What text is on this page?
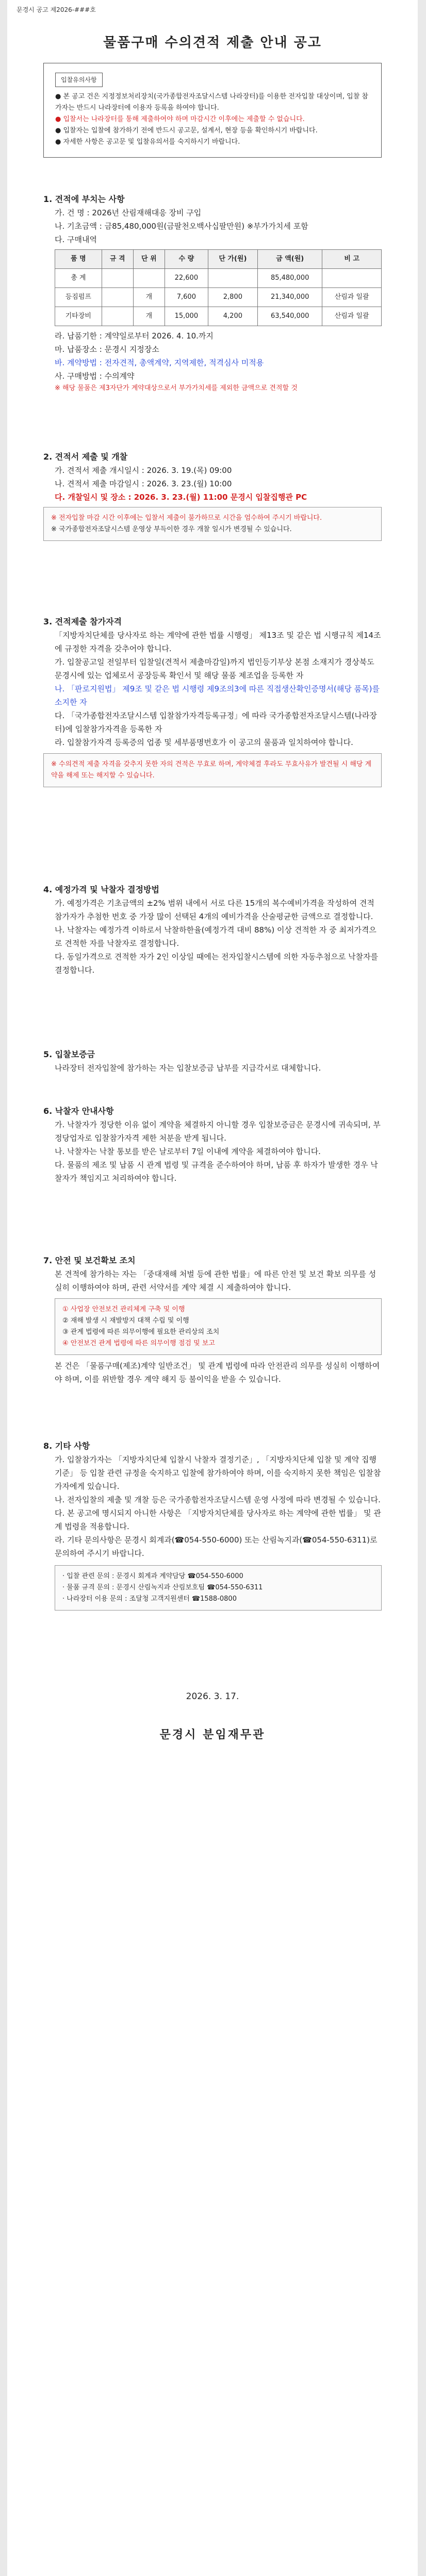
문경시 공고 제2026-###호
물품구매 수의견적 제출 안내 공고
입찰유의사항
● 본 공고 건은 지정정보처리장치(국가종합전자조달시스템 나라장터)를 이용한 전자입찰 대상이며, 입찰 참가자는 반드시 나라장터에 이용자 등록을 하여야 합니다.
● 입찰서는 나라장터를 통해 제출하여야 하며 마감시간 이후에는 제출할 수 없습니다.
● 입찰자는 입찰에 참가하기 전에 반드시 공고문, 설계서, 현장 등을 확인하시기 바랍니다.
● 자세한 사항은 공고문 및 입찰유의서를 숙지하시기 바랍니다.
1. 견적에 부치는 사항
가. 건 명 : 2026년 산림재해대응 장비 구입
나. 기초금액 : 금85,480,000원(금팔천오백사십팔만원) ※부가가치세 포함
다. 구매내역
품 명	규 격	단 위	수 량	단 가(원)	금 액(원)	비 고
총 계			22,600		85,480,000	
등짐펌프		개	7,600	2,800	21,340,000	산림과 일괄
기타장비		개	15,000	4,200	63,540,000	산림과 일괄
라. 납품기한 : 계약일로부터 2026. 4. 10.까지
마. 납품장소 : 문경시 지정장소
바. 계약방법 : 전자견적, 총액계약, 지역제한, 적격심사 미적용
사. 구매방법 : 수의계약
※ 해당 물품은 제3자단가 계약대상으로서 부가가치세를 제외한 금액으로 견적할 것
2. 견적서 제출 및 개찰
가. 견적서 제출 개시일시 : 2026. 3. 19.(목) 09:00
나. 견적서 제출 마감일시 : 2026. 3. 23.(월) 10:00
다. 개찰일시 및 장소 : 2026. 3. 23.(월) 11:00 문경시 입찰집행관 PC
※ 전자입찰 마감 시간 이후에는 입찰서 제출이 불가하므로 시간을 엄수하여 주시기 바랍니다.
※ 국가종합전자조달시스템 운영상 부득이한 경우 개찰 일시가 변경될 수 있습니다.
3. 견적제출 참가자격
「지방자치단체를 당사자로 하는 계약에 관한 법률 시행령」 제13조 및 같은 법 시행규칙 제14조에 규정한 자격을 갖추어야 합니다.
가. 입찰공고일 전일부터 입찰일(견적서 제출마감일)까지 법인등기부상 본점 소재지가 경상북도 문경시에 있는 업체로서 공장등록 확인서 및 해당 물품 제조업을 등록한 자
나. 「판로지원법」 제9조 및 같은 법 시행령 제9조의3에 따른 직접생산확인증명서(해당 품목)를 소지한 자
다. 「국가종합전자조달시스템 입찰참가자격등록규정」에 따라 국가종합전자조달시스템(나라장터)에 입찰참가자격을 등록한 자
라. 입찰참가자격 등록증의 업종 및 세부품명번호가 이 공고의 물품과 일치하여야 합니다.
※ 수의견적 제출 자격을 갖추지 못한 자의 견적은 무효로 하며, 계약체결 후라도 무효사유가 발견될 시 해당 계약을 해제 또는 해지할 수 있습니다.
4. 예정가격 및 낙찰자 결정방법
가. 예정가격은 기초금액의 ±2% 범위 내에서 서로 다른 15개의 복수예비가격을 작성하여 견적 참가자가 추첨한 번호 중 가장 많이 선택된 4개의 예비가격을 산술평균한 금액으로 결정합니다.
나. 낙찰자는 예정가격 이하로서 낙찰하한율(예정가격 대비 88%) 이상 견적한 자 중 최저가격으로 견적한 자를 낙찰자로 결정합니다.
다. 동일가격으로 견적한 자가 2인 이상일 때에는 전자입찰시스템에 의한 자동추첨으로 낙찰자를 결정합니다.
5. 입찰보증금
나라장터 전자입찰에 참가하는 자는 입찰보증금 납부를 지급각서로 대체합니다.
6. 낙찰자 안내사항
가. 낙찰자가 정당한 이유 없이 계약을 체결하지 아니할 경우 입찰보증금은 문경시에 귀속되며, 부정당업자로 입찰참가자격 제한 처분을 받게 됩니다.
나. 낙찰자는 낙찰 통보를 받은 날로부터 7일 이내에 계약을 체결하여야 합니다.
다. 물품의 제조 및 납품 시 관계 법령 및 규격을 준수하여야 하며, 납품 후 하자가 발생한 경우 낙찰자가 책임지고 처리하여야 합니다.
7. 안전 및 보건확보 조치
본 견적에 참가하는 자는 「중대재해 처벌 등에 관한 법률」에 따른 안전 및 보건 확보 의무를 성실히 이행하여야 하며, 관련 서약서를 계약 체결 시 제출하여야 합니다.
① 사업장 안전보건 관리체계 구축 및 이행
② 재해 발생 시 재발방지 대책 수립 및 이행
③ 관계 법령에 따른 의무이행에 필요한 관리상의 조치
④ 안전보건 관계 법령에 따른 의무이행 점검 및 보고
본 건은 「물품구매(제조)계약 일반조건」 및 관계 법령에 따라 안전관리 의무를 성실히 이행하여야 하며, 이를 위반할 경우 계약 해지 등 불이익을 받을 수 있습니다.
8. 기타 사항
가. 입찰참가자는 「지방자치단체 입찰시 낙찰자 결정기준」, 「지방자치단체 입찰 및 계약 집행기준」 등 입찰 관련 규정을 숙지하고 입찰에 참가하여야 하며, 이를 숙지하지 못한 책임은 입찰참가자에게 있습니다.
나. 전자입찰의 제출 및 개찰 등은 국가종합전자조달시스템 운영 사정에 따라 변경될 수 있습니다.
다. 본 공고에 명시되지 아니한 사항은 「지방자치단체를 당사자로 하는 계약에 관한 법률」 및 관계 법령을 적용합니다.
라. 기타 문의사항은 문경시 회계과(☎054-550-6000) 또는 산림녹지과(☎054-550-6311)로 문의하여 주시기 바랍니다.
· 입찰 관련 문의 : 문경시 회계과 계약담당 ☎054-550-6000
· 물품 규격 문의 : 문경시 산림녹지과 산림보호팀 ☎054-550-6311
· 나라장터 이용 문의 : 조달청 고객지원센터 ☎1588-0800
2026. 3. 17.
문경시 분임재무관
